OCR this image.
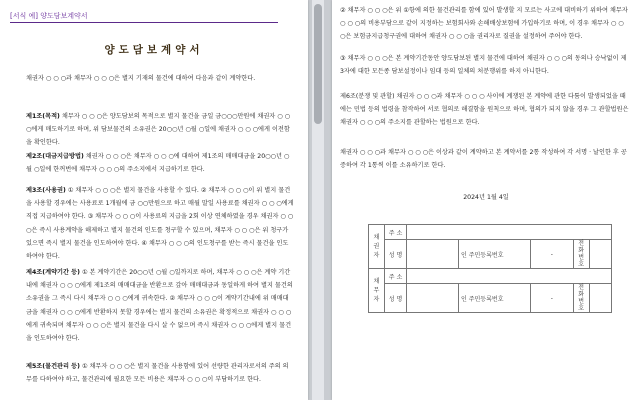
[서식 예] 양도담보계약서
양도담보계약서
채권자 ○ ○ ○과 채무자 ○ ○ ○은 별지 기재의 물건에 대하여 다음과 같이 계약한다.
제1조(목적) 채무자 ○ ○ ○은 양도담보의 목적으로 별지 물건을 금일 금○○○만원에 채권자 ○ ○ ○에게 매도하기로 하며, 위 담보물건의 소유권은 20○○년 ○월 ○일에 채권자 ○ ○ ○에게 이전함을 확인한다.
제2조(대금지급방법) 채권자 ○ ○ ○은 채무자 ○ ○ ○에 대하여 제1조의 매매대금을 20○○년 ○월 ○일에 한꺼번에 채무자 ○ ○ ○의 주소지에서 지급하기로 한다.
제3조(사용권) ① 채무자 ○ ○ ○은 별지 물건을 사용할 수 있다. ② 채무자 ○ ○ ○이 위 별지 물건을 사용할 경우에는 사용료로 1개월에 금 ○○만원으로 하고 매월 말일 사용료를 채권자 ○ ○ ○에게 직접 지급하여야 한다. ③ 채무자 ○ ○ ○이 사용료의 지급을 2회 이상 연체하였을 경우 채권자 ○ ○ ○은 즉시 사용계약을 해제하고 별지 물건의 인도를 청구할 수 있으며, 채무자 ○ ○ ○은 위 청구가 있으면 즉시 별지 물건을 인도하여야 한다. ④ 채무자 ○ ○ ○의 인도청구를 받는 즉시 물건을 인도하여야 한다.
제4조(계약기간 등) ① 본 계약기간은 20○○년 ○월 ○일까지로 하며, 채무자 ○ ○ ○은 계약 기간내에 채권자 ○ ○ ○에게 제1조의 매매대금을 반환으로 갚아 매매대금과 동일하게 하여 별지 물건의 소유권을 그 즉시 다시 채무자 ○ ○ ○에게 귀속한다. ② 채무자 ○ ○ ○이 계약기간내에 위 매매대금을 채권자 ○ ○ ○에게 반환하지 못할 경우에는 별지 물건의 소유권은 확정적으로 채권자 ○ ○ ○에게 귀속되며 채무자 ○ ○ ○은 별지 물건을 다시 살 수 없으며 즉시 채권자 ○ ○ ○에게 별지 물건을 인도하여야 한다.
제5조(물건관리 등) ① 채무자 ○ ○ ○은 별지 물건을 사용함에 있어 선량한 관리자로서의 주의 의무를 다하여야 하고, 물건관리에 필요한 모든 비용은 채무자 ○ ○ ○이 부담하기로 한다.
② 채무자 ○ ○ ○은 위 ①항에 의한 물건관리를 함에 있어 발생할 지 모르는 사고에 대비하기 위하여 채무자 ○ ○ ○의 비용부담으로 같이 지정하는 보험회사와 손해배상보험에 가입하기로 하며, 이 경우 채무자 ○ ○ ○은 보험금지급청구권에 대하여 채권자 ○ ○ ○을 권리자로 질권을 설정하여 주어야 한다.
③ 채무자 ○ ○ ○은 본 계약기간동안 양도담보된 별지 물건에 대하여 채권자 ○ ○ ○의 동의나 승낙없이 제3자에 대한 모든종 담보설정이나 임대 등의 일체의 처분행위를 하지 아니한다.
제6조(분쟁 및 관할) 채권자 ○ ○ ○과 채무자 ○ ○ ○ 사이에 계쟁된 본 계약에 관한 다툼이 발생되었을 때에는 민법 등의 법령을 참작하여 서로 협의로 해결함을 원칙으로 하며, 협의가 되지 않을 경우 그 관할법원은 채권자 ○ ○ ○의 주소지를 관할하는 법원으로 한다.
채권자 ○ ○ ○과 채무자 ○ ○ ○은 이상과 같이 계약하고 본 계약서를 2통 작성하여 각 서명 · 날인한 후 공증하여 각 1통씩 이를 소유하기로 한다.
2024년 1월 4일
채권자	주 소					
	성 명		인 주민등록번호	-	전화번호	
채무자	주 소					
	성 명		인 주민등록번호	-	전화번호	
